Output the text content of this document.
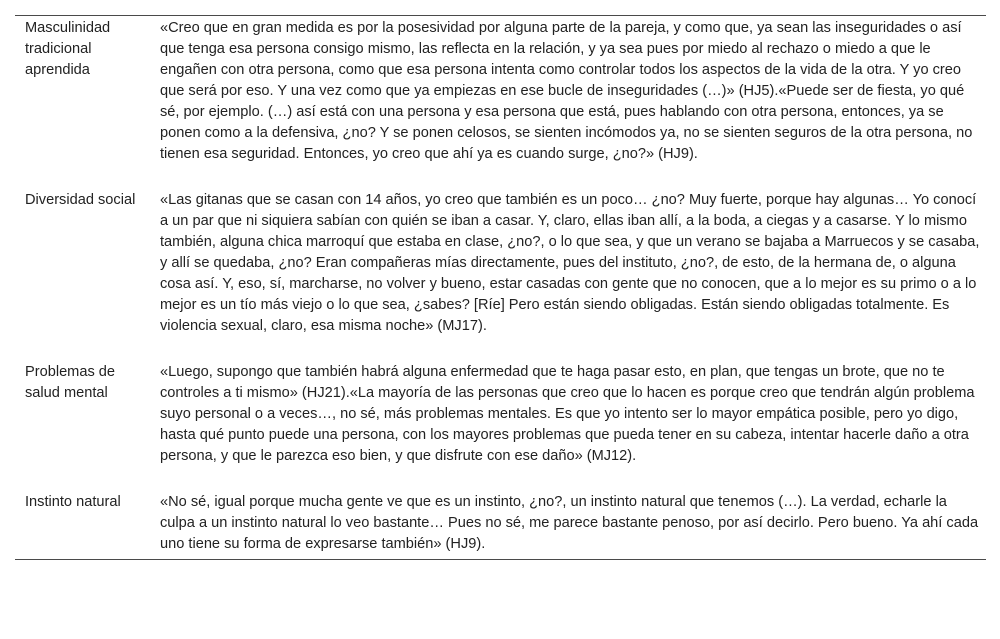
Masculinidad tradicional aprendida	«Creo que en gran medida es por la posesividad por alguna parte de la pareja, y como que, ya sean las inseguridades o así que tenga esa persona consigo mismo, las reflecta en la relación, y ya sea pues por miedo al rechazo o miedo a que le engañen con otra persona, como que esa persona intenta como controlar todos los aspectos de la vida de la otra. Y yo creo que será por eso. Y una vez como que ya empiezas en ese bucle de inseguridades (…)» (HJ5).«Puede ser de fiesta, yo qué sé, por ejemplo. (…) así está con una persona y esa persona que está, pues hablando con otra persona, entonces, ya se ponen como a la defensiva, ¿no? Y se ponen celosos, se sienten incómodos ya, no se sienten seguros de la otra persona, no tienen esa seguridad. Entonces, yo creo que ahí ya es cuando surge, ¿no?» (HJ9).
Diversidad social	«Las gitanas que se casan con 14 años, yo creo que también es un poco… ¿no? Muy fuerte, porque hay algunas… Yo conocí a un par que ni siquiera sabían con quién se iban a casar. Y, claro, ellas iban allí, a la boda, a ciegas y a casarse. Y lo mismo también, alguna chica marroquí que estaba en clase, ¿no?, o lo que sea, y que un verano se bajaba a Marruecos y se casaba, y allí se quedaba, ¿no? Eran compañeras mías directamente, pues del instituto, ¿no?, de esto, de la hermana de, o alguna cosa así. Y, eso, sí, marcharse, no volver y bueno, estar casadas con gente que no conocen, que a lo mejor es su primo o a lo mejor es un tío más viejo o lo que sea, ¿sabes? [Ríe] Pero están siendo obligadas. Están siendo obligadas totalmente. Es violencia sexual, claro, esa misma noche» (MJ17).
Problemas de salud mental	«Luego, supongo que también habrá alguna enfermedad que te haga pasar esto, en plan, que tengas un brote, que no te controles a ti mismo» (HJ21).«La mayoría de las personas que creo que lo hacen es porque creo que tendrán algún problema suyo personal o a veces…, no sé, más problemas mentales. Es que yo intento ser lo mayor empática posible, pero yo digo, hasta qué punto puede una persona, con los mayores problemas que pueda tener en su cabeza, intentar hacerle daño a otra persona, y que le parezca eso bien, y que disfrute con ese daño» (MJ12).
Instinto natural	«No sé, igual porque mucha gente ve que es un instinto, ¿no?, un instinto natural que tenemos (…). La verdad, echarle la culpa a un instinto natural lo veo bastante… Pues no sé, me parece bastante penoso, por así decirlo. Pero bueno. Ya ahí cada uno tiene su forma de expresarse también» (HJ9).
